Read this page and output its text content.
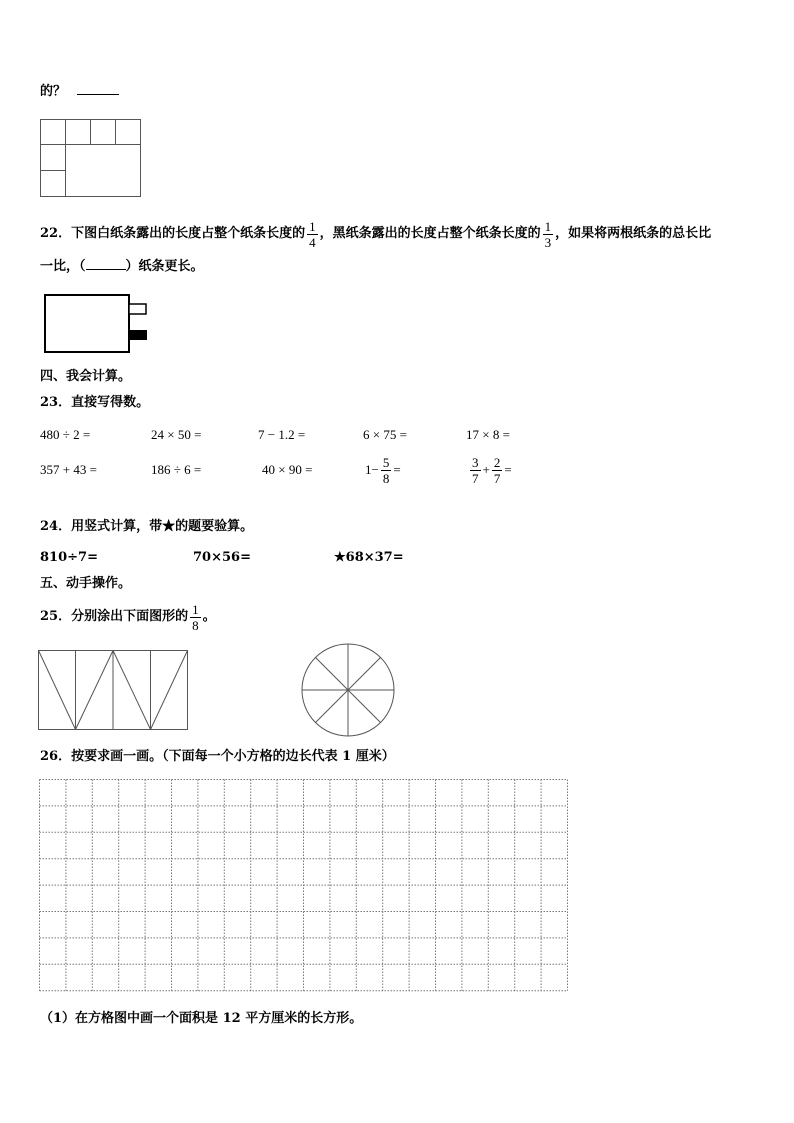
的？
22．下图白纸条露出的长度占整个纸条长度的 $\frac{1}{4}$ ，黑纸条露出的长度占整个纸条长度的 $\frac{1}{3}$ ，如果将两根纸条的总长比
一比，（	）纸条更长。
四、我会计算。
23．直接写得数。
480 ÷ 2 =	24 × 50 =	7 − 1.2 =	6 × 75 =	17 × 8 =
357 + 43 =	186 ÷ 6 =	40 × 90 =	$1- \frac{5}{8}$ =	$\frac{3}{7} + \frac{2}{7}$ =
24．用竖式计算，带★的题要验算。
810÷7=	70×56=	★68×37=
五、动手操作。
25．分别涂出下面图形的 $\frac{1}{8}$ 。
26．按要求画一画。（下面每一个小方格的边长代表 1 厘米）
（1）在方格图中画一个面积是 12 平方厘米的长方形。
